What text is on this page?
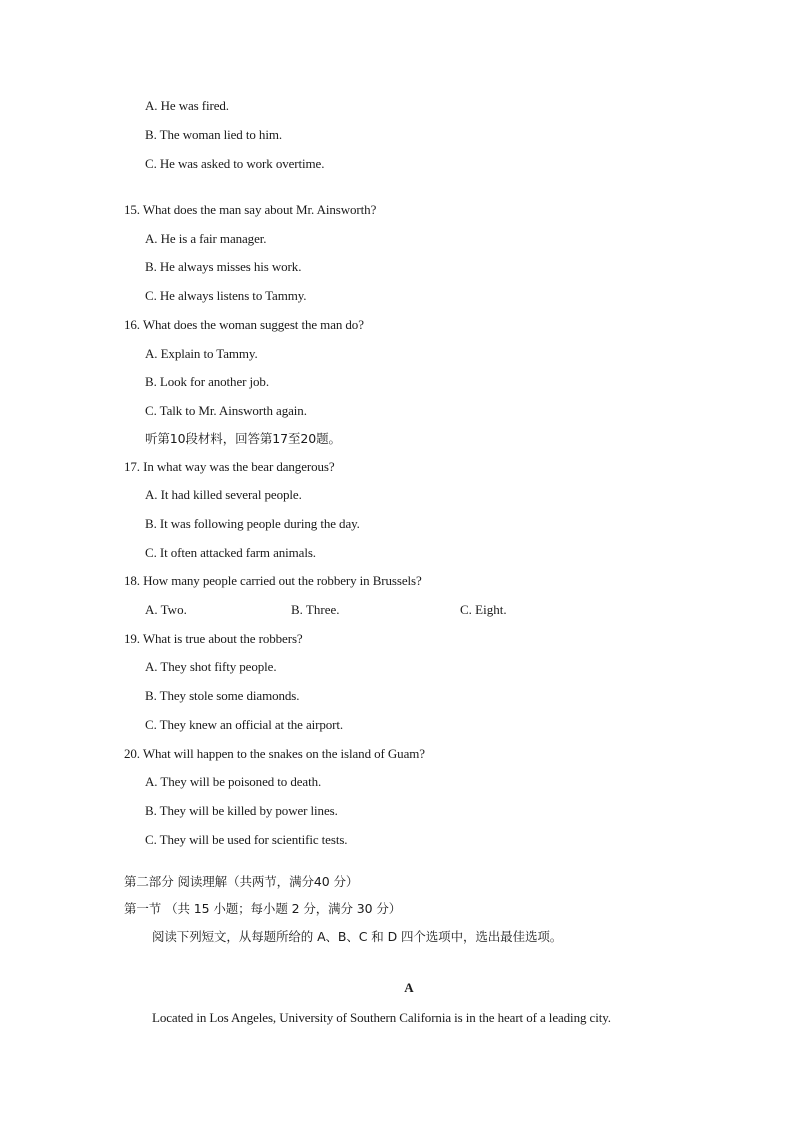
A. He was fired.
B. The woman lied to him.
C. He was asked to work overtime.
15. What does the man say about Mr. Ainsworth?
A. He is a fair manager.
B. He always misses his work.
C. He always listens to Tammy.
16. What does the woman suggest the man do?
A. Explain to Tammy.
B. Look for another job.
C. Talk to Mr. Ainsworth again.
听第10段材料，回答第17至20题。
17. In what way was the bear dangerous?
A. It had killed several people.
B. It was following people during the day.
C. It often attacked farm animals.
18. How many people carried out the robbery in Brussels?
A. Two.	B. Three.	C. Eight.
19. What is true about the robbers?
A. They shot fifty people.
B. They stole some diamonds.
C. They knew an official at the airport.
20. What will happen to the snakes on the island of Guam?
A. They will be poisoned to death.
B. They will be killed by power lines.
C. They will be used for scientific tests.
第二部分 阅读理解（共两节，满分40 分）
第一节 （共 15 小题；每小题 2 分，满分 30 分）
阅读下列短文，从每题所给的 A、B、C 和 D 四个选项中，选出最佳选项。
A
Located in Los Angeles, University of Southern California is in the heart of a leading city.
